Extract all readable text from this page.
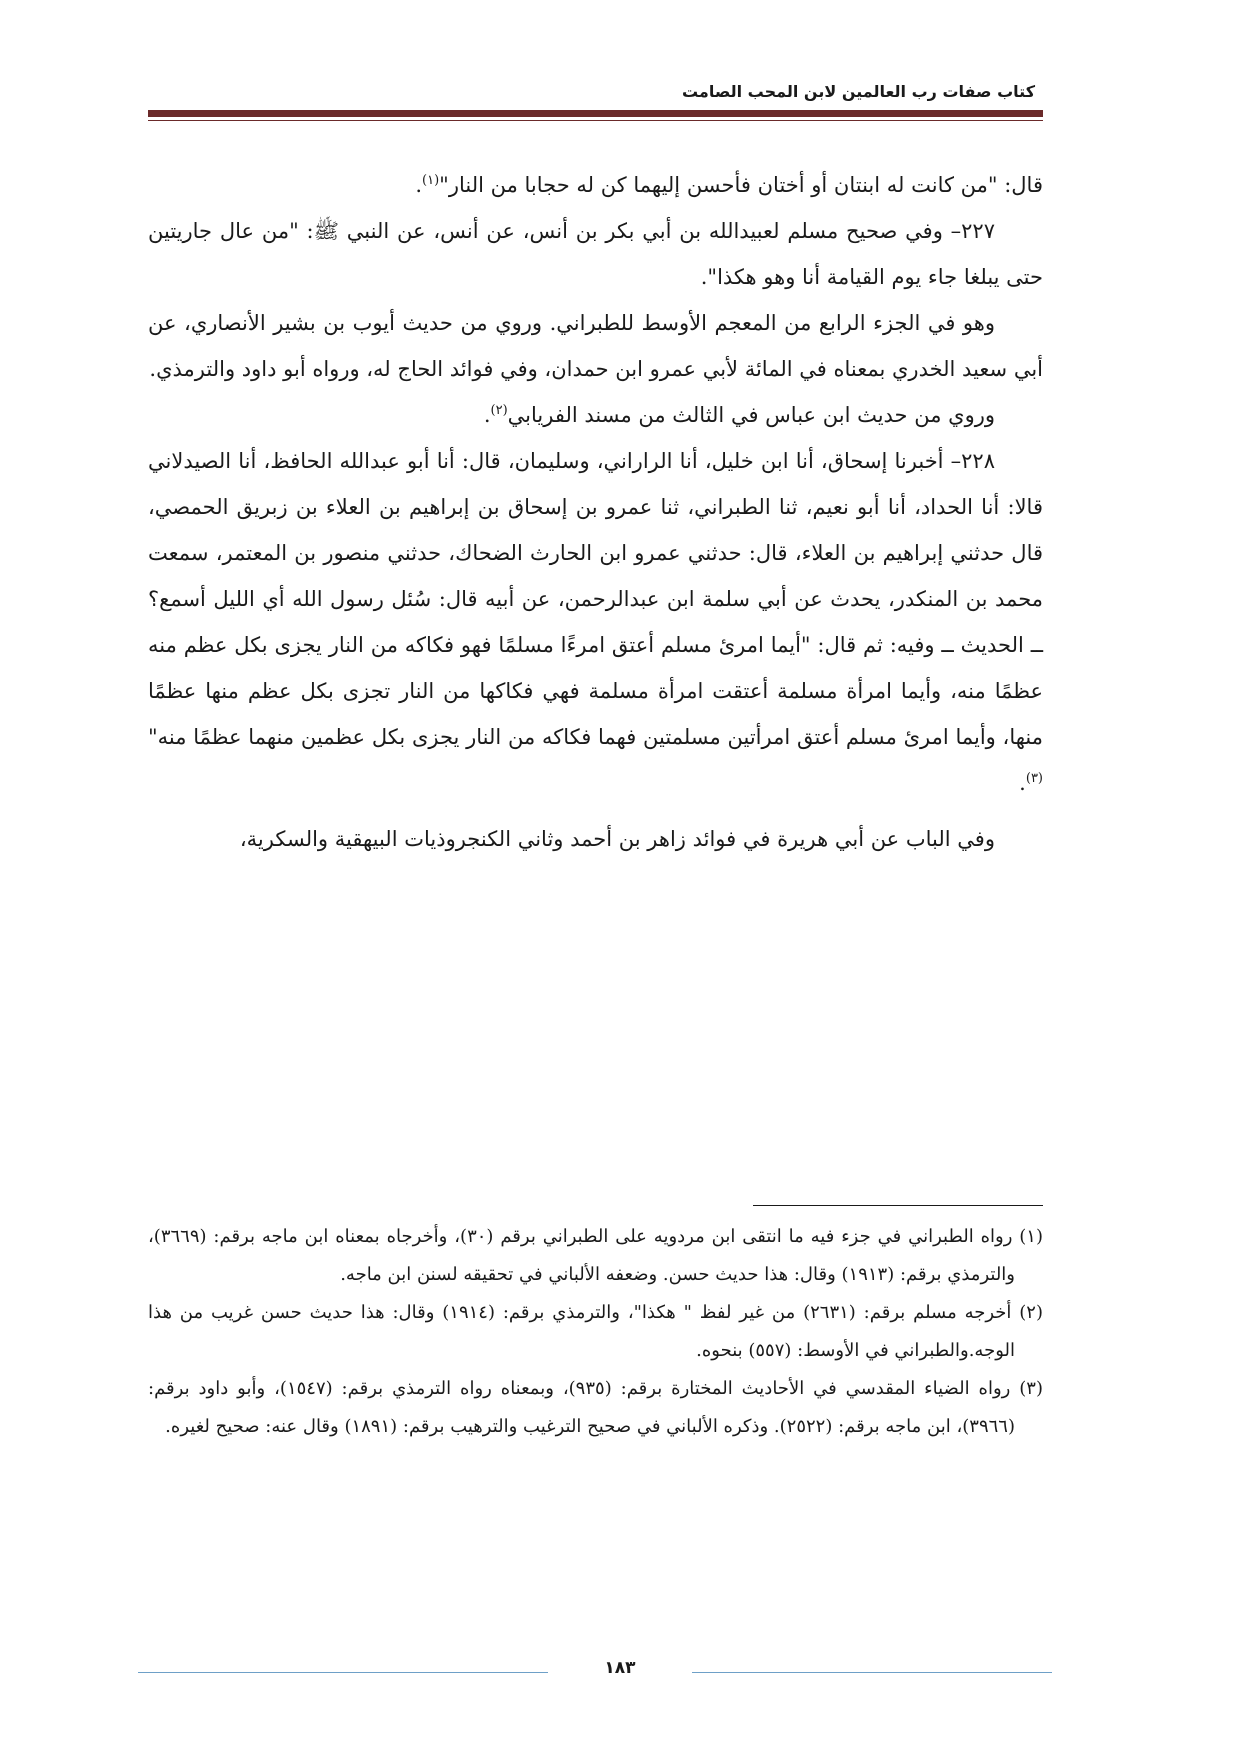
كتاب صفات رب العالمين لابن المحب الصامت

قال: "من كانت له ابنتان أو أختان فأحسن إليهما كن له حجابا من النار"$^{(١)}$.

٢٢٧– وفي صحيح مسلم لعبيدالله بن أبي بكر بن أنس، عن أنس، عن النبي ﷺ: "من عال جاريتين حتى يبلغا جاء يوم القيامة أنا وهو هكذا".

وهو في الجزء الرابع من المعجم الأوسط للطبراني. وروي من حديث أيوب بن بشير الأنصاري، عن أبي سعيد الخدري بمعناه في المائة لأبي عمرو ابن حمدان، وفي فوائد الحاج له، ورواه أبو داود والترمذي.

وروي من حديث ابن عباس في الثالث من مسند الفريابي$^{(٢)}$.

٢٢٨– أخبرنا إسحاق، أنا ابن خليل، أنا الراراني، وسليمان، قال: أنا أبو عبدالله الحافظ، أنا الصيدلاني قالا: أنا الحداد، أنا أبو نعيم، ثنا الطبراني، ثنا عمرو بن إسحاق بن إبراهيم بن العلاء بن زبريق الحمصي، قال حدثني إبراهيم بن العلاء، قال: حدثني عمرو ابن الحارث الضحاك، حدثني منصور بن المعتمر، سمعت محمد بن المنكدر، يحدث عن أبي سلمة ابن عبدالرحمن، عن أبيه قال: سُئل رسول الله أي الليل أسمع؟ ــ الحديث ــ وفيه: ثم قال: "أيما امرئ مسلم أعتق امرءًا مسلمًا فهو فكاكه من النار يجزى بكل عظم منه عظمًا منه، وأيما امرأة مسلمة أعتقت امرأة مسلمة فهي فكاكها من النار تجزى بكل عظم منها عظمًا منها، وأيما امرئ مسلم أعتق امرأتين مسلمتين فهما فكاكه من النار يجزى بكل عظمين منهما عظمًا منه"$^{(٣)}$.

وفي الباب عن أبي هريرة في فوائد زاهر بن أحمد وثاني الكنجروذيات البيهقية والسكرية،

(١) رواه الطبراني في جزء فيه ما انتقى ابن مردويه على الطبراني برقم (٣٠)، وأخرجاه بمعناه ابن ماجه برقم: (٣٦٦٩)، والترمذي برقم: (١٩١٣) وقال: هذا حديث حسن. وضعفه الألباني في تحقيقه لسنن ابن ماجه.

(٢) أخرجه مسلم برقم: (٢٦٣١) من غير لفظ " هكذا"، والترمذي برقم: (١٩١٤) وقال: هذا حديث حسن غريب من هذا الوجه.والطبراني في الأوسط: (٥٥٧) بنحوه.

(٣) رواه الضياء المقدسي في الأحاديث المختارة برقم: (٩٣٥)، وبمعناه رواه الترمذي برقم: (١٥٤٧)، وأبو داود برقم: (٣٩٦٦)، ابن ماجه برقم: (٢٥٢٢). وذكره الألباني في صحيح الترغيب والترهيب برقم: (١٨٩١) وقال عنه: صحيح لغيره.

١٨٣
